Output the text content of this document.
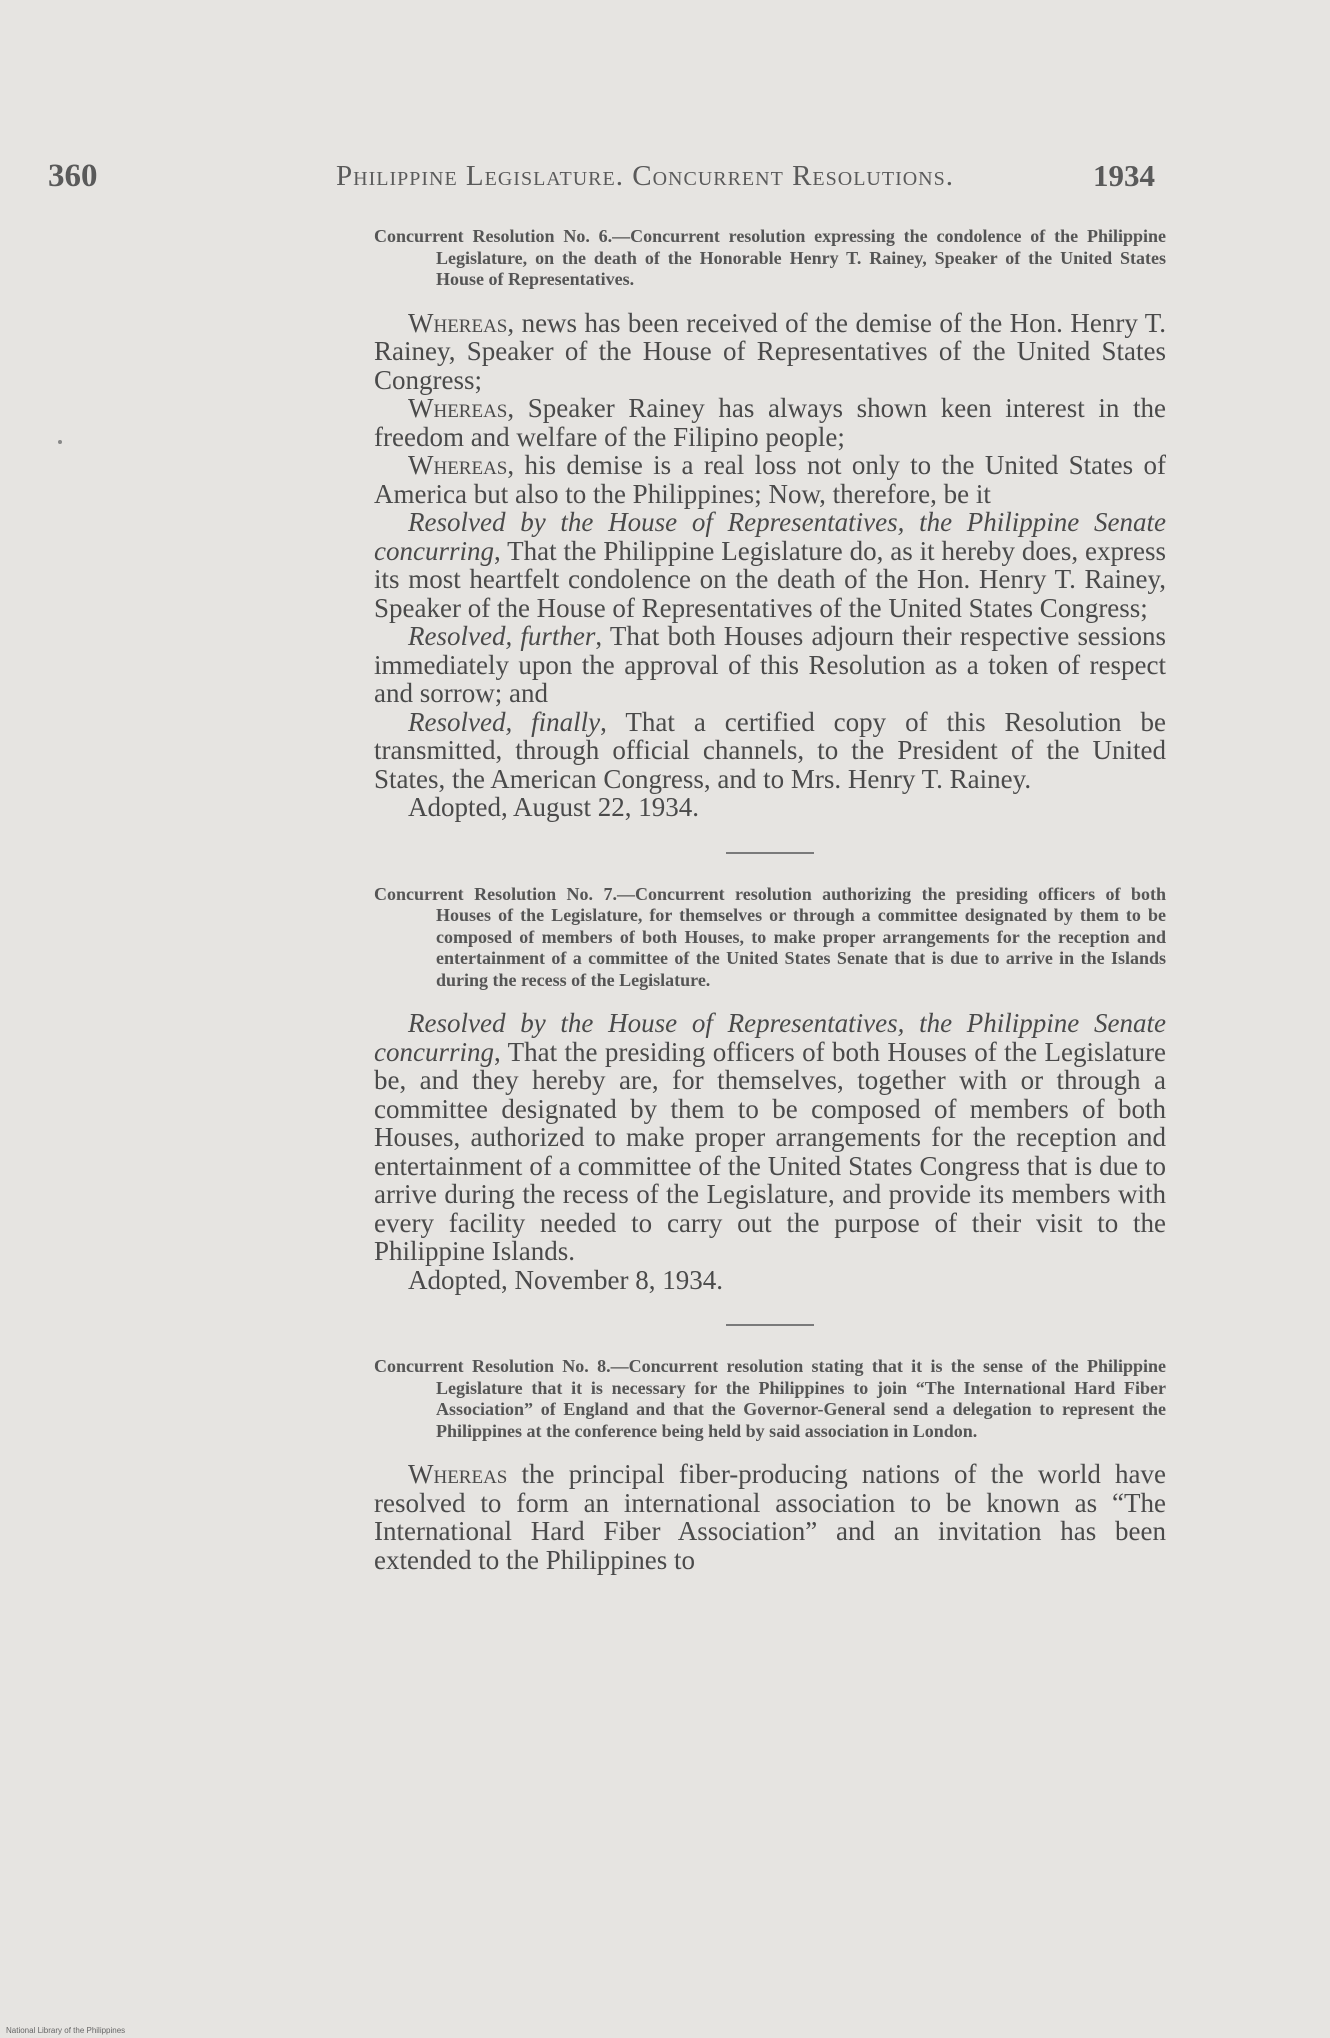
360	Philippine Legislature. Concurrent Resolutions.	1934

Concurrent Resolution No. 6.—Concurrent resolution expressing the condolence of the Philippine Legislature, on the death of the Honorable Henry T. Rainey, Speaker of the United States House of Representatives.

Whereas, news has been received of the demise of the Hon. Henry T. Rainey, Speaker of the House of Representatives of the United States Congress;

Whereas, Speaker Rainey has always shown keen interest in the freedom and welfare of the Filipino people;

Whereas, his demise is a real loss not only to the United States of America but also to the Philippines; Now, therefore, be it

Resolved by the House of Representatives, the Philippine Senate concurring, That the Philippine Legislature do, as it hereby does, express its most heartfelt condolence on the death of the Hon. Henry T. Rainey, Speaker of the House of Representatives of the United States Congress;

Resolved, further, That both Houses adjourn their respective sessions immediately upon the approval of this Resolution as a token of respect and sorrow; and

Resolved, finally, That a certified copy of this Resolution be transmitted, through official channels, to the President of the United States, the American Congress, and to Mrs. Henry T. Rainey.

Adopted, August 22, 1934.

Concurrent Resolution No. 7.—Concurrent resolution authorizing the presiding officers of both Houses of the Legislature, for themselves or through a committee designated by them to be composed of members of both Houses, to make proper arrangements for the reception and entertainment of a committee of the United States Senate that is due to arrive in the Islands during the recess of the Legislature.

Resolved by the House of Representatives, the Philippine Senate concurring, That the presiding officers of both Houses of the Legislature be, and they hereby are, for themselves, together with or through a committee designated by them to be composed of members of both Houses, authorized to make proper arrangements for the reception and entertainment of a committee of the United States Congress that is due to arrive during the recess of the Legislature, and provide its members with every facility needed to carry out the purpose of their visit to the Philippine Islands.

Adopted, November 8, 1934.

Concurrent Resolution No. 8.—Concurrent resolution stating that it is the sense of the Philippine Legislature that it is necessary for the Philippines to join “The International Hard Fiber Association” of England and that the Governor-General send a delegation to represent the Philippines at the conference being held by said association in London.

Whereas the principal fiber-producing nations of the world have resolved to form an international association to be known as “The International Hard Fiber Association” and an invitation has been extended to the Philippines to

National Library of the Philippines
